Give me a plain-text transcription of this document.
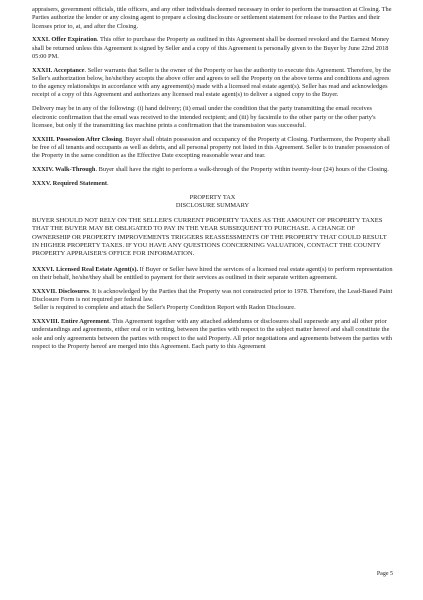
appraisers, government officials, title officers, and any other individuals deemed necessary in order to perform the transaction at Closing. The Parties authorize the lender or any closing agent to prepare a closing disclosure or settlement statement for release to the Parties and their licenses prior to, at, and after the Closing.

XXXI. Offer Expiration. This offer to purchase the Property as outlined in this Agreement shall be deemed revoked and the Earnest Money shall be returned unless this Agreement is signed by Seller and a copy of this Agreement is personally given to the Buyer by June 22nd 2018 05:00 PM.

XXXII. Acceptance. Seller warrants that Seller is the owner of the Property or has the authority to execute this Agreement. Therefore, by the Seller's authorization below, he/she/they accepts the above offer and agrees to sell the Property on the above terms and conditions and agrees to the agency relationships in accordance with any agreement(s) made with a licensed real estate agent(s). Seller has read and acknowledges receipt of a copy of this Agreement and authorizes any licensed real estate agent(s) to deliver a signed copy to the Buyer.

Delivery may be in any of the following: (i) hand delivery; (ii) email under the condition that the party transmitting the email receives electronic confirmation that the email was received to the intended recipient; and (iii) by facsimile to the other party or the other party's licensee, but only if the transmitting fax machine prints a confirmation that the transmission was successful.

XXXIII. Possession After Closing. Buyer shall obtain possession and occupancy of the Property at Closing. Furthermore, the Property shall be free of all tenants and occupants as well as debris, and all personal property not listed in this Agreement. Seller is to transfer possession of the Property in the same condition as the Effective Date excepting reasonable wear and tear.

XXXIV. Walk-Through. Buyer shall have the right to perform a walk-through of the Property within twenty-four (24) hours of the Closing.

XXXV. Required Statement.

PROPERTY TAX

DISCLOSURE SUMMARY

BUYER SHOULD NOT RELY ON THE SELLER'S CURRENT PROPERTY TAXES AS THE AMOUNT OF PROPERTY TAXES THAT THE BUYER MAY BE OBLIGATED TO PAY IN THE YEAR SUBSEQUENT TO PURCHASE. A CHANGE OF OWNERSHIP OR PROPERTY IMPROVEMENTS TRIGGERS REASSESSMENTS OF THE PROPERTY THAT COULD RESULT IN HIGHER PROPERTY TAXES. IF YOU HAVE ANY QUESTIONS CONCERNING VALUATION, CONTACT THE COUNTY PROPERTY APPRAISER'S OFFICE FOR INFORMATION.

XXXVI. Licensed Real Estate Agent(s). If Buyer or Seller have hired the services of a licensed real estate agent(s) to perform representation on their behalf, he/she/they shall be entitled to payment for their services as outlined in their separate written agreement.

XXXVII. Disclosures. It is acknowledged by the Parties that the Property was not constructed prior to 1978. Therefore, the Lead-Based Paint Disclosure Form is not required per federal law.

Seller is required to complete and attach the Seller's Property Condition Report with Radon Disclosure.

XXXVIII. Entire Agreement. This Agreement together with any attached addendums or disclosures shall supersede any and all other prior understandings and agreements, either oral or in writing, between the parties with respect to the subject matter hereof and shall constitute the sole and only agreements between the parties with respect to the said Property. All prior negotiations and agreements between the parties with respect to the Property hereof are merged into this Agreement. Each party to this Agreement

Page 5
